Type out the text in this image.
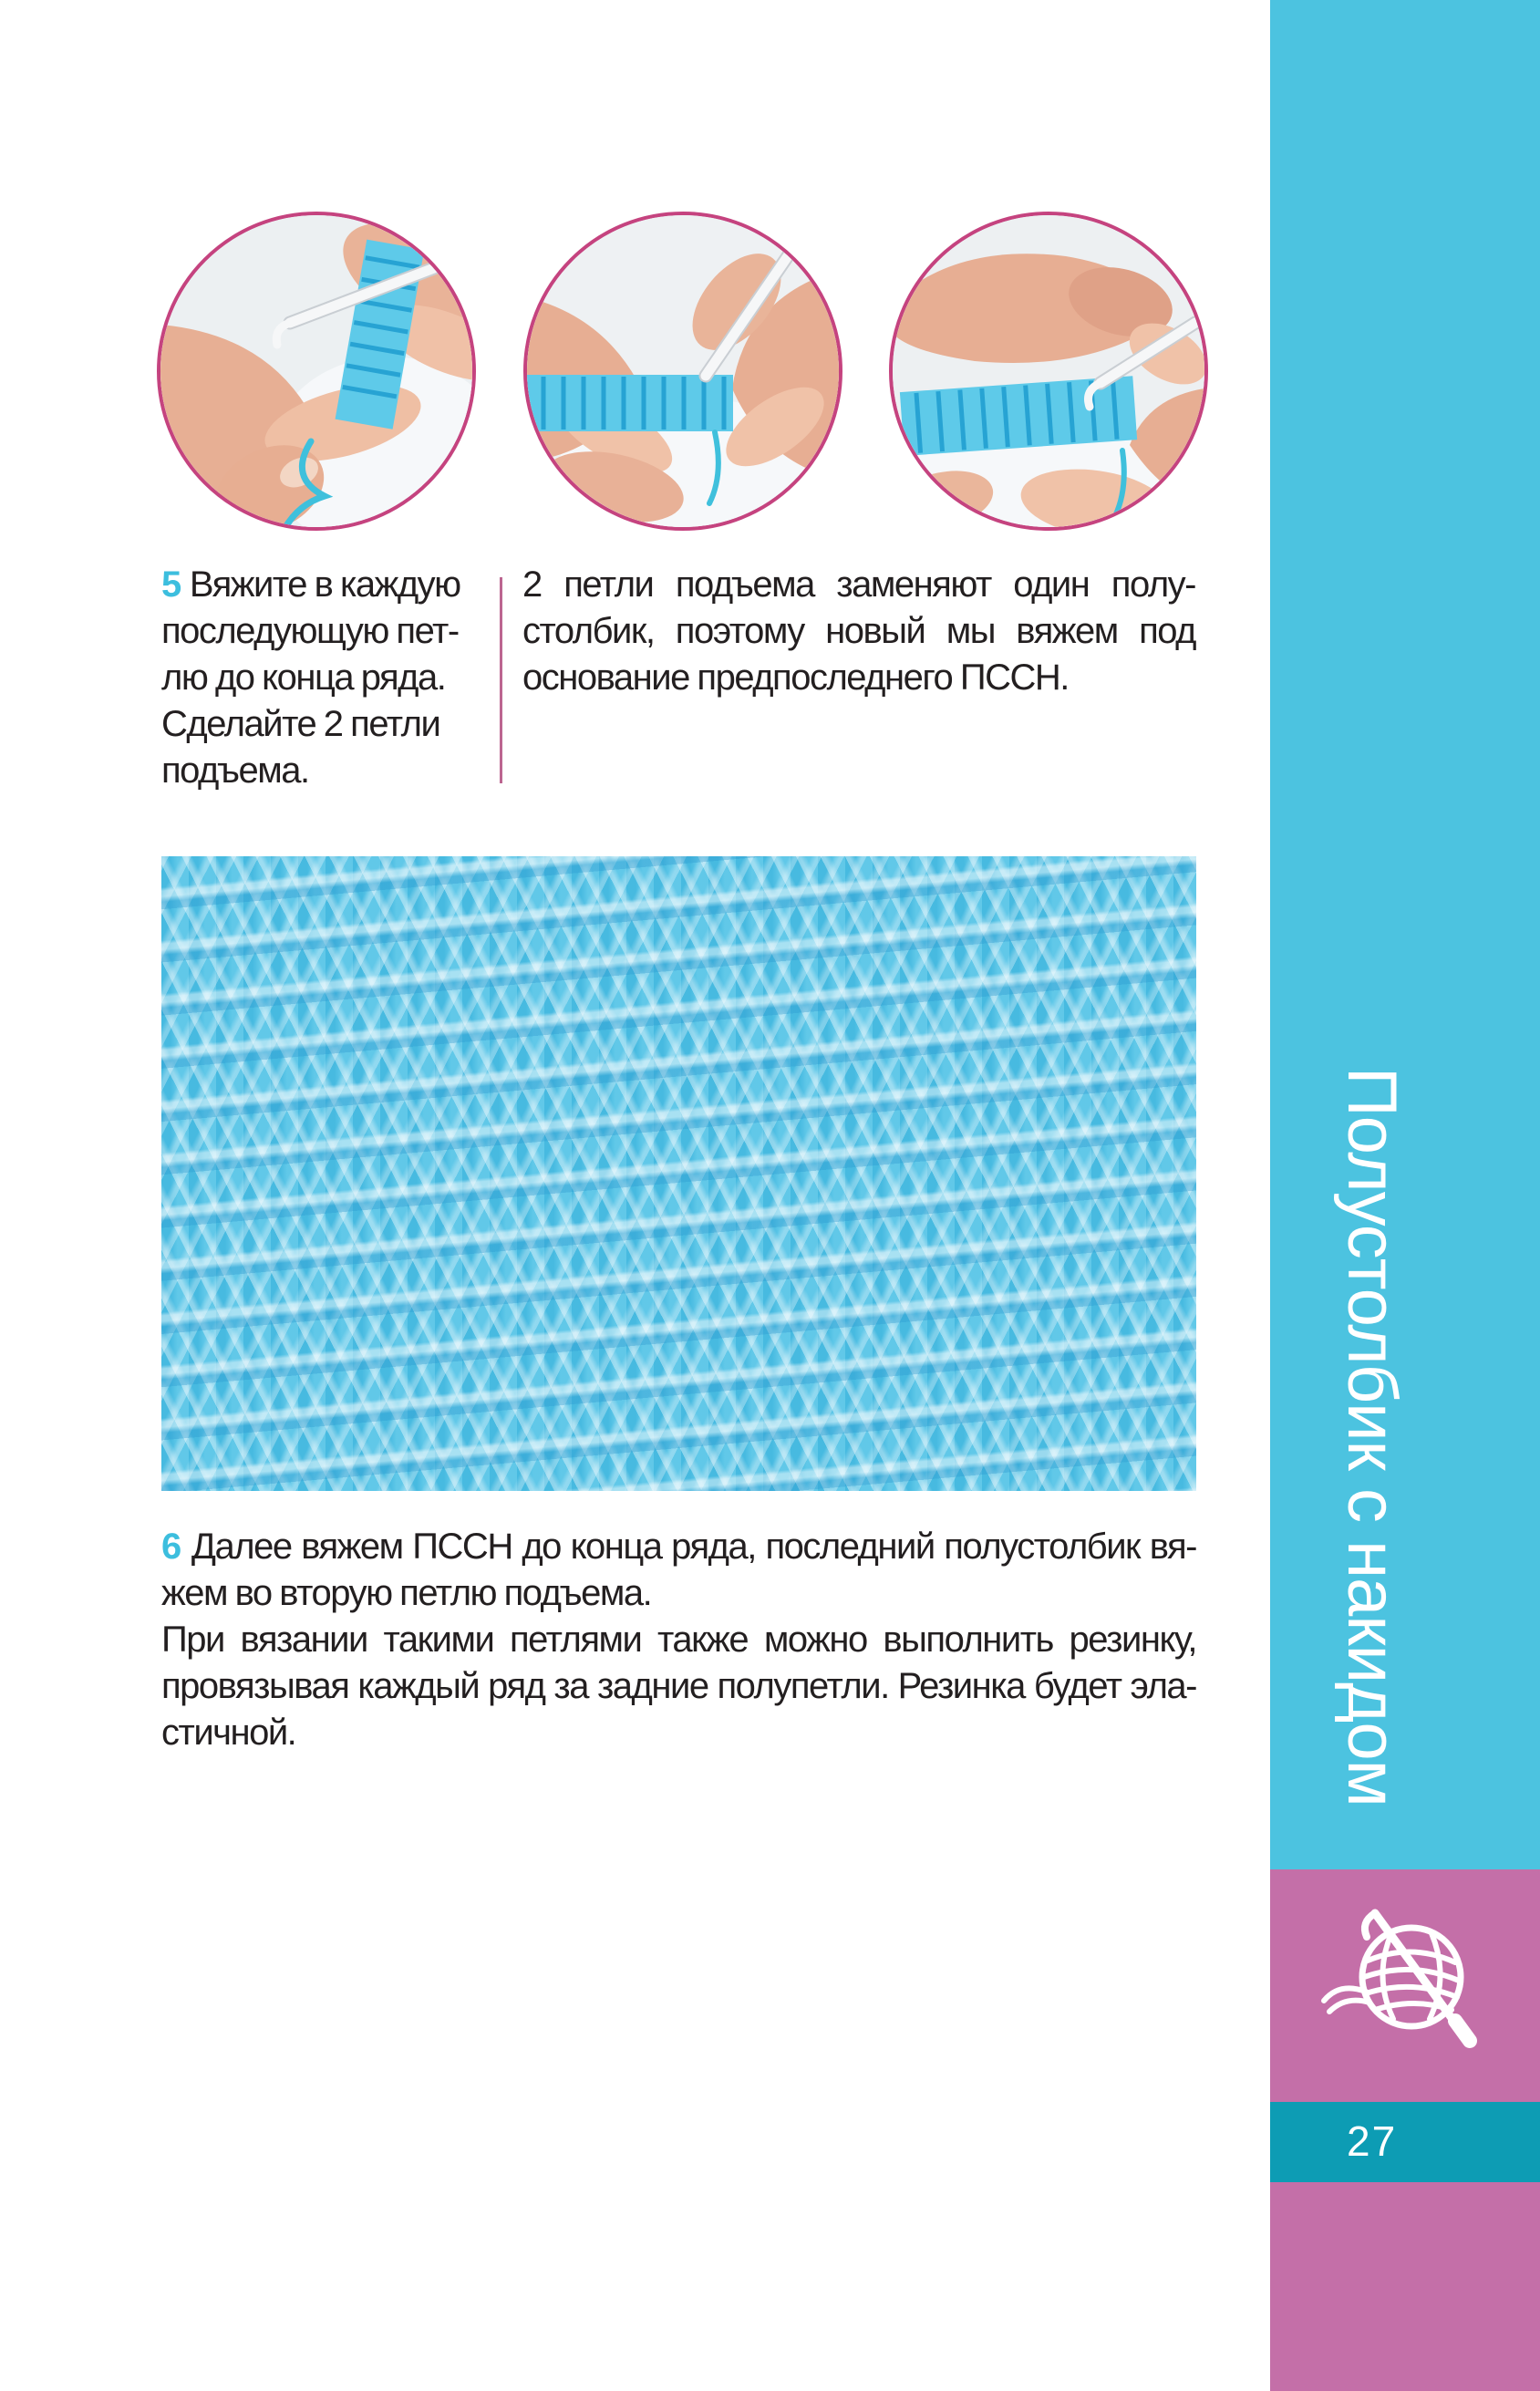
5 Вяжите в каждую
последующую пет-
лю до конца ряда.
Сделайте 2 петли
подъема.
2 петли подъема заменяют один полу-
столбик, поэтому новый мы вяжем под
основание предпоследнего ПССН.
6 Далее вяжем ПССН до конца ряда, последний полустолбик вя-
жем во вторую петлю подъема.
При вязании такими петлями также можно выполнить резинку,
провязывая каждый ряд за задние полупетли. Резинка будет эла-
стичной.	Полустолбик с накидом
27
